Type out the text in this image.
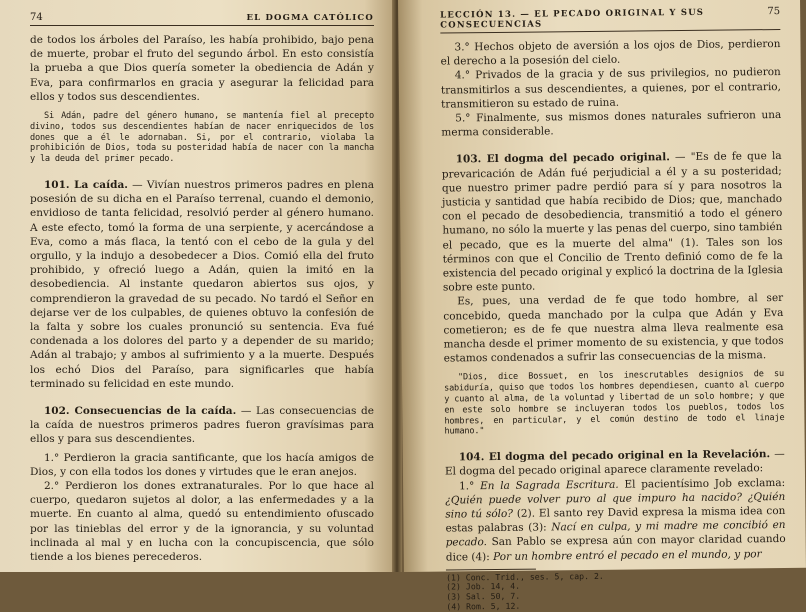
74	EL DOGMA CATÓLICO

de todos los árboles del Paraíso, les había prohibido, bajo pena de muerte, probar el fruto del segundo árbol. En esto consistía la prueba a que Dios quería someter la obediencia de Adán y Eva, para confirmarlos en gracia y asegurar la felicidad para ellos y todos sus descendientes.

Si Adán, padre del género humano, se mantenía fiel al precepto divino, todos sus descendientes habían de nacer enriquecidos de los dones que a él le adornaban. Si, por el contrario, violaba la prohibición de Dios, toda su posteridad había de nacer con la mancha y la deuda del primer pecado.

101. La caída. — Vivían nuestros primeros padres en plena posesión de su dicha en el Paraíso terrenal, cuando el demonio, envidioso de tanta felicidad, resolvió perder al género humano. A este efecto, tomó la forma de una serpiente, y acercándose a Eva, como a más flaca, la tentó con el cebo de la gula y del orgullo, y la indujo a desobedecer a Dios. Comió ella del fruto prohibido, y ofreció luego a Adán, quien la imitó en la desobediencia. Al instante quedaron abiertos sus ojos, y comprendieron la gravedad de su pecado. No tardó el Señor en dejarse ver de los culpables, de quienes obtuvo la confesión de la falta y sobre los cuales pronunció su sentencia. Eva fué condenada a los dolores del parto y a depender de su marido; Adán al trabajo; y ambos al sufrimiento y a la muerte. Después los echó Dios del Paraíso, para significarles que había terminado su felicidad en este mundo.

102. Consecuencias de la caída. — Las consecuencias de la caída de nuestros primeros padres fueron gravísimas para ellos y para sus descendientes.

1.° Perdieron la gracia santificante, que los hacía amigos de Dios, y con ella todos los dones y virtudes que le eran anejos.

2.° Perdieron los dones extranaturales. Por lo que hace al cuerpo, quedaron sujetos al dolor, a las enfermedades y a la muerte. En cuanto al alma, quedó su entendimiento ofuscado por las tinieblas del error y de la ignorancia, y su voluntad inclinada al mal y en lucha con la concupiscencia, que sólo tiende a los bienes perecederos.

LECCIÓN 13. — EL PECADO ORIGINAL Y SUS CONSECUENCIAS
75

3.° Hechos objeto de aversión a los ojos de Dios, perdieron el derecho a la posesión del cielo.

4.° Privados de la gracia y de sus privilegios, no pudieron transmitirlos a sus descendientes, a quienes, por el contrario, transmitieron su estado de ruina.

5.° Finalmente, sus mismos dones naturales sufrieron una merma considerable.

103. El dogma del pecado original. — "Es de fe que la prevaricación de Adán fué perjudicial a él y a su posteridad; que nuestro primer padre perdió para sí y para nosotros la justicia y santidad que había recibido de Dios; que, manchado con el pecado de desobediencia, transmitió a todo el género humano, no sólo la muerte y las penas del cuerpo, sino también el pecado, que es la muerte del alma" (1). Tales son los términos con que el Concilio de Trento definió como de fe la existencia del pecado original y explicó la doctrina de la Iglesia sobre este punto.

Es, pues, una verdad de fe que todo hombre, al ser concebido, queda manchado por la culpa que Adán y Eva cometieron; es de fe que nuestra alma lleva realmente esa mancha desde el primer momento de su existencia, y que todos estamos condenados a sufrir las consecuencias de la misma.

"Dios, dice Bossuet, en los inescrutables designios de su sabiduría, quiso que todos los hombres dependiesen, cuanto al cuerpo y cuanto al alma, de la voluntad y libertad de un solo hombre; y que en este solo hombre se incluyeran todos los pueblos, todos los hombres, en particular, y el común destino de todo el linaje humano."

104. El dogma del pecado original en la Revelación. — El dogma del pecado original aparece claramente revelado:

1.° En la Sagrada Escritura. El pacientísimo Job exclama: ¿Quién puede volver puro al que impuro ha nacido? ¿Quién sino tú sólo? (2). El santo rey David expresa la misma idea con estas palabras (3): Nací en culpa, y mi madre me concibió en pecado. San Pablo se expresa aún con mayor claridad cuando dice (4): Por un hombre entró el pecado en el mundo, y por

(1) Conc. Trid., ses. 5, cap. 2.

(2) Job. 14, 4.

(3) Sal. 50, 7.

(4) Rom. 5, 12.
